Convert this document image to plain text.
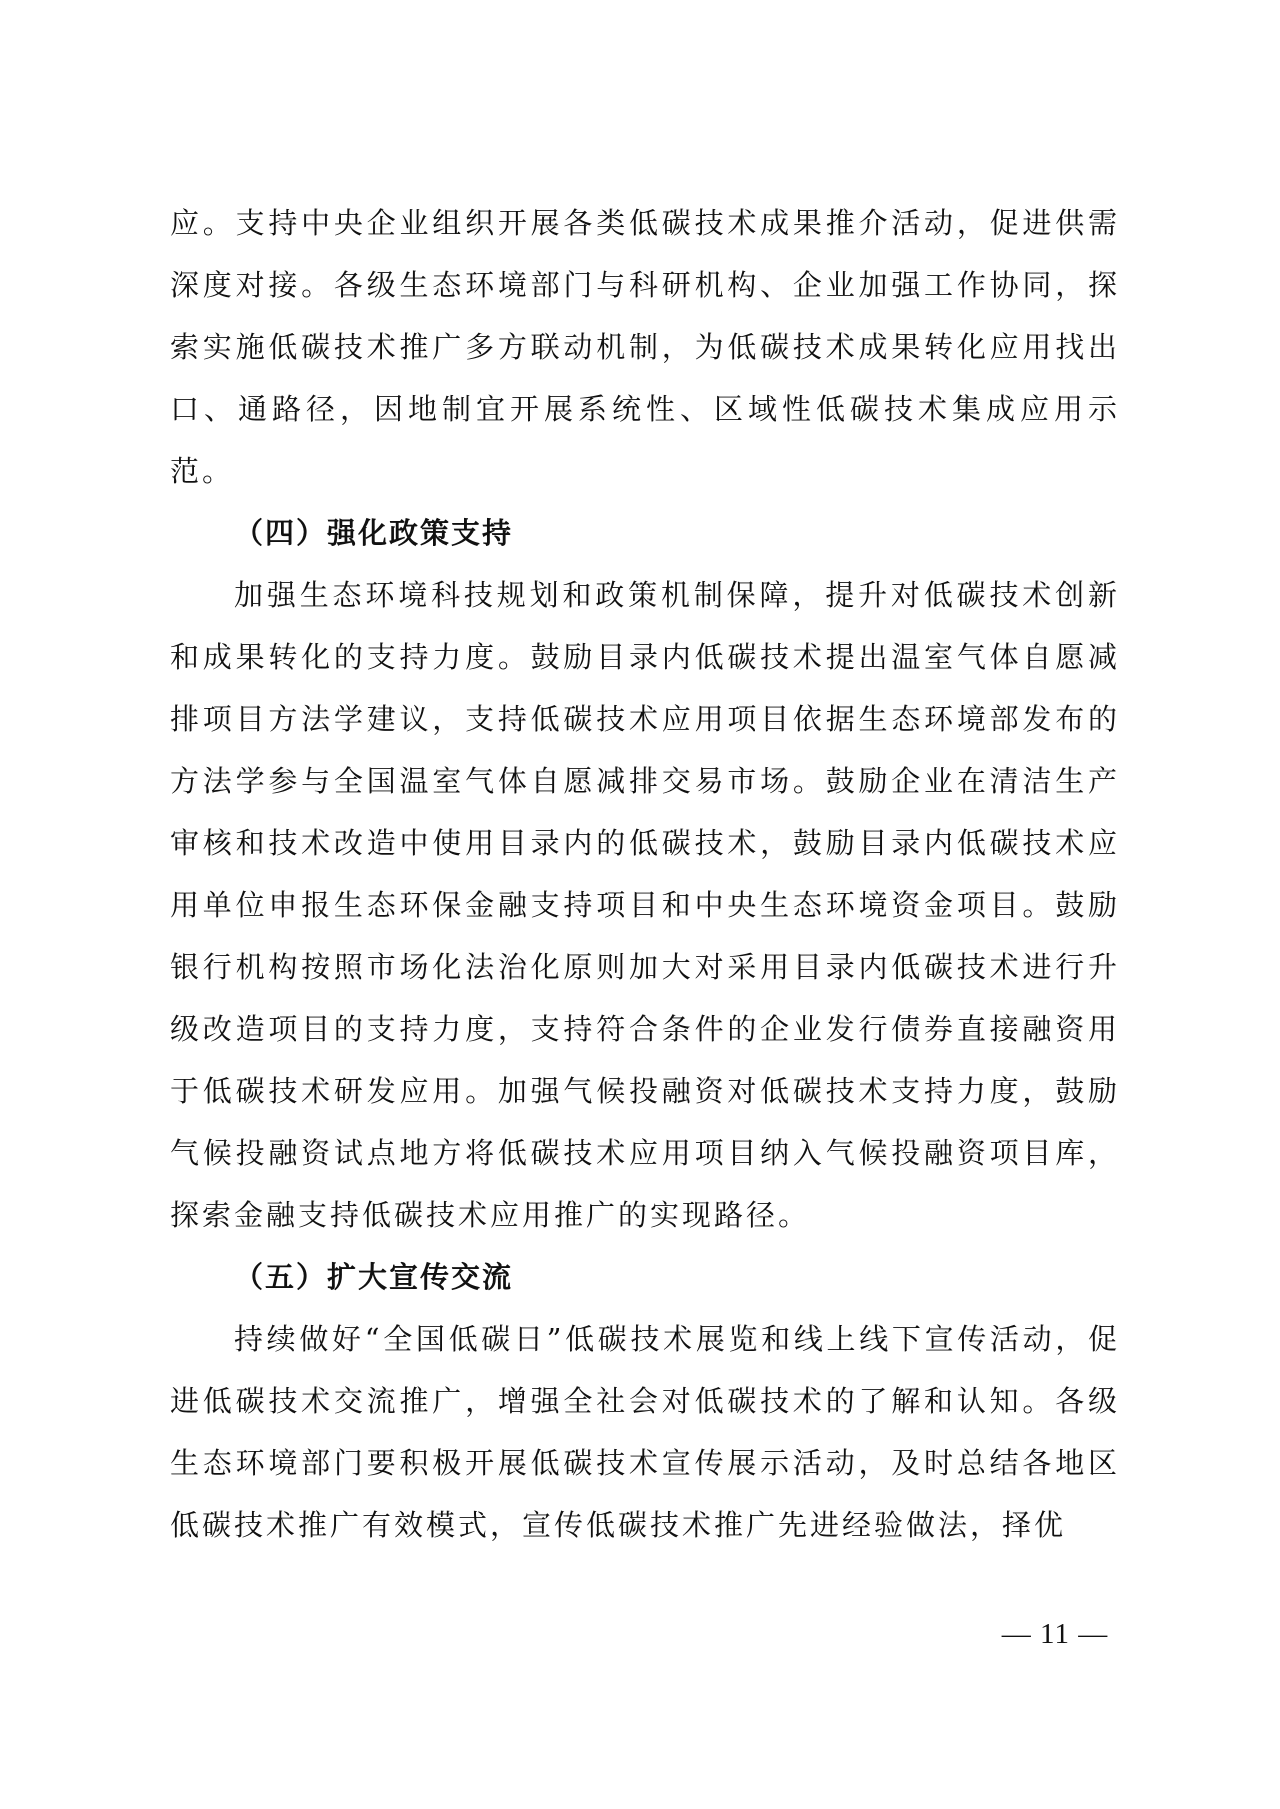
应。支持中央企业组织开展各类低碳技术成果推介活动，促进供需深度对接。各级生态环境部门与科研机构、企业加强工作协同，探索实施低碳技术推广多方联动机制，为低碳技术成果转化应用找出口、通路径，因地制宜开展系统性、区域性低碳技术集成应用示范。

（四）强化政策支持

加强生态环境科技规划和政策机制保障，提升对低碳技术创新和成果转化的支持力度。鼓励目录内低碳技术提出温室气体自愿减排项目方法学建议，支持低碳技术应用项目依据生态环境部发布的方法学参与全国温室气体自愿减排交易市场。鼓励企业在清洁生产审核和技术改造中使用目录内的低碳技术，鼓励目录内低碳技术应用单位申报生态环保金融支持项目和中央生态环境资金项目。鼓励银行机构按照市场化法治化原则加大对采用目录内低碳技术进行升级改造项目的支持力度，支持符合条件的企业发行债券直接融资用于低碳技术研发应用。加强气候投融资对低碳技术支持力度，鼓励气候投融资试点地方将低碳技术应用项目纳入气候投融资项目库，探索金融支持低碳技术应用推广的实现路径。

（五）扩大宣传交流

持续做好“全国低碳日”低碳技术展览和线上线下宣传活动，促进低碳技术交流推广，增强全社会对低碳技术的了解和认知。各级生态环境部门要积极开展低碳技术宣传展示活动，及时总结各地区低碳技术推广有效模式，宣传低碳技术推广先进经验做法，择优

— 11 —
